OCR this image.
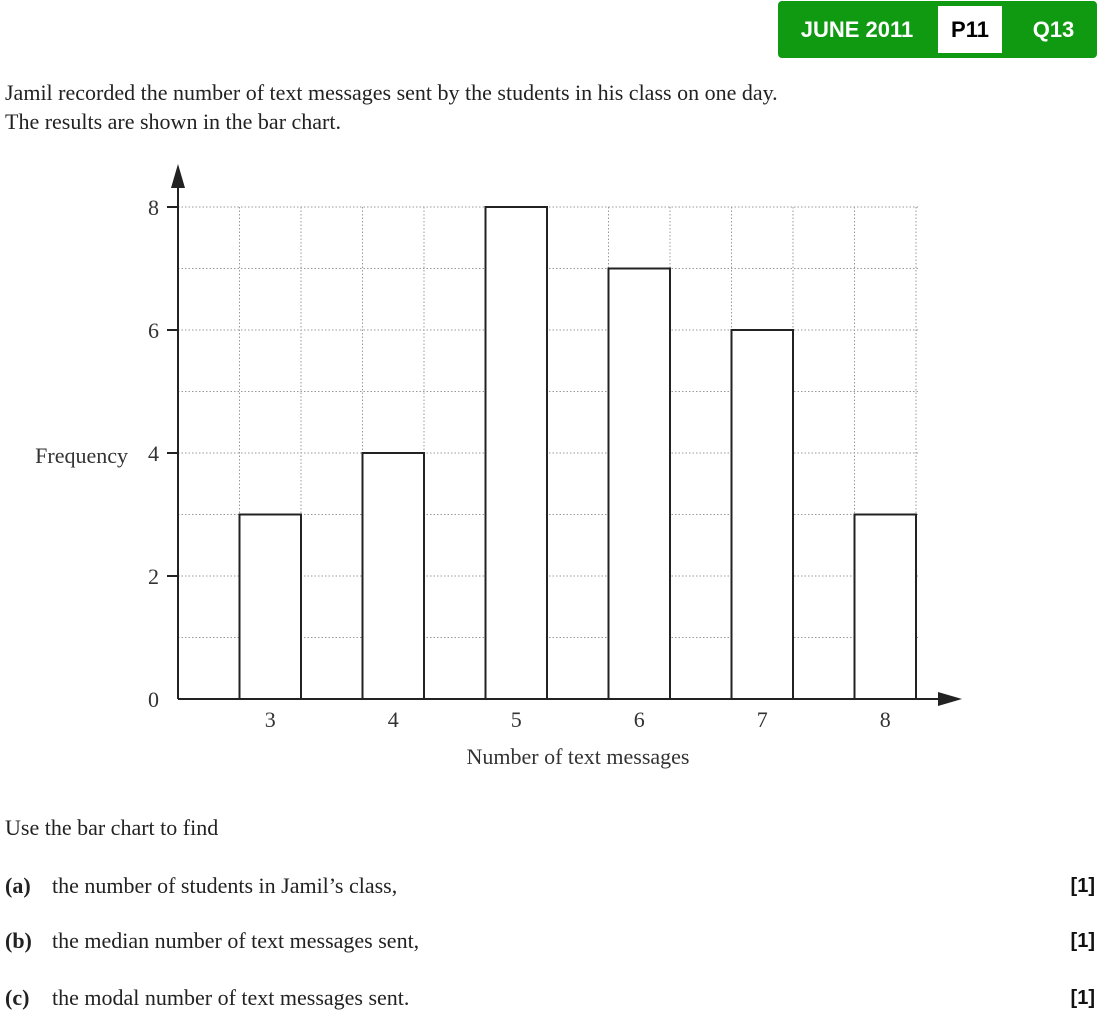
JUNE 2011	P11	Q13
Jamil recorded the number of text messages sent by the students in his class on one day.
The results are shown in the bar chart.
Frequency
Number of text messages
0
2
4
6
8
3	4	5	6	7	8
Use the bar chart to find
(a) the number of students in Jamil’s class,	[1]
(b) the median number of text messages sent,	[1]
(c) the modal number of text messages sent.	[1]
